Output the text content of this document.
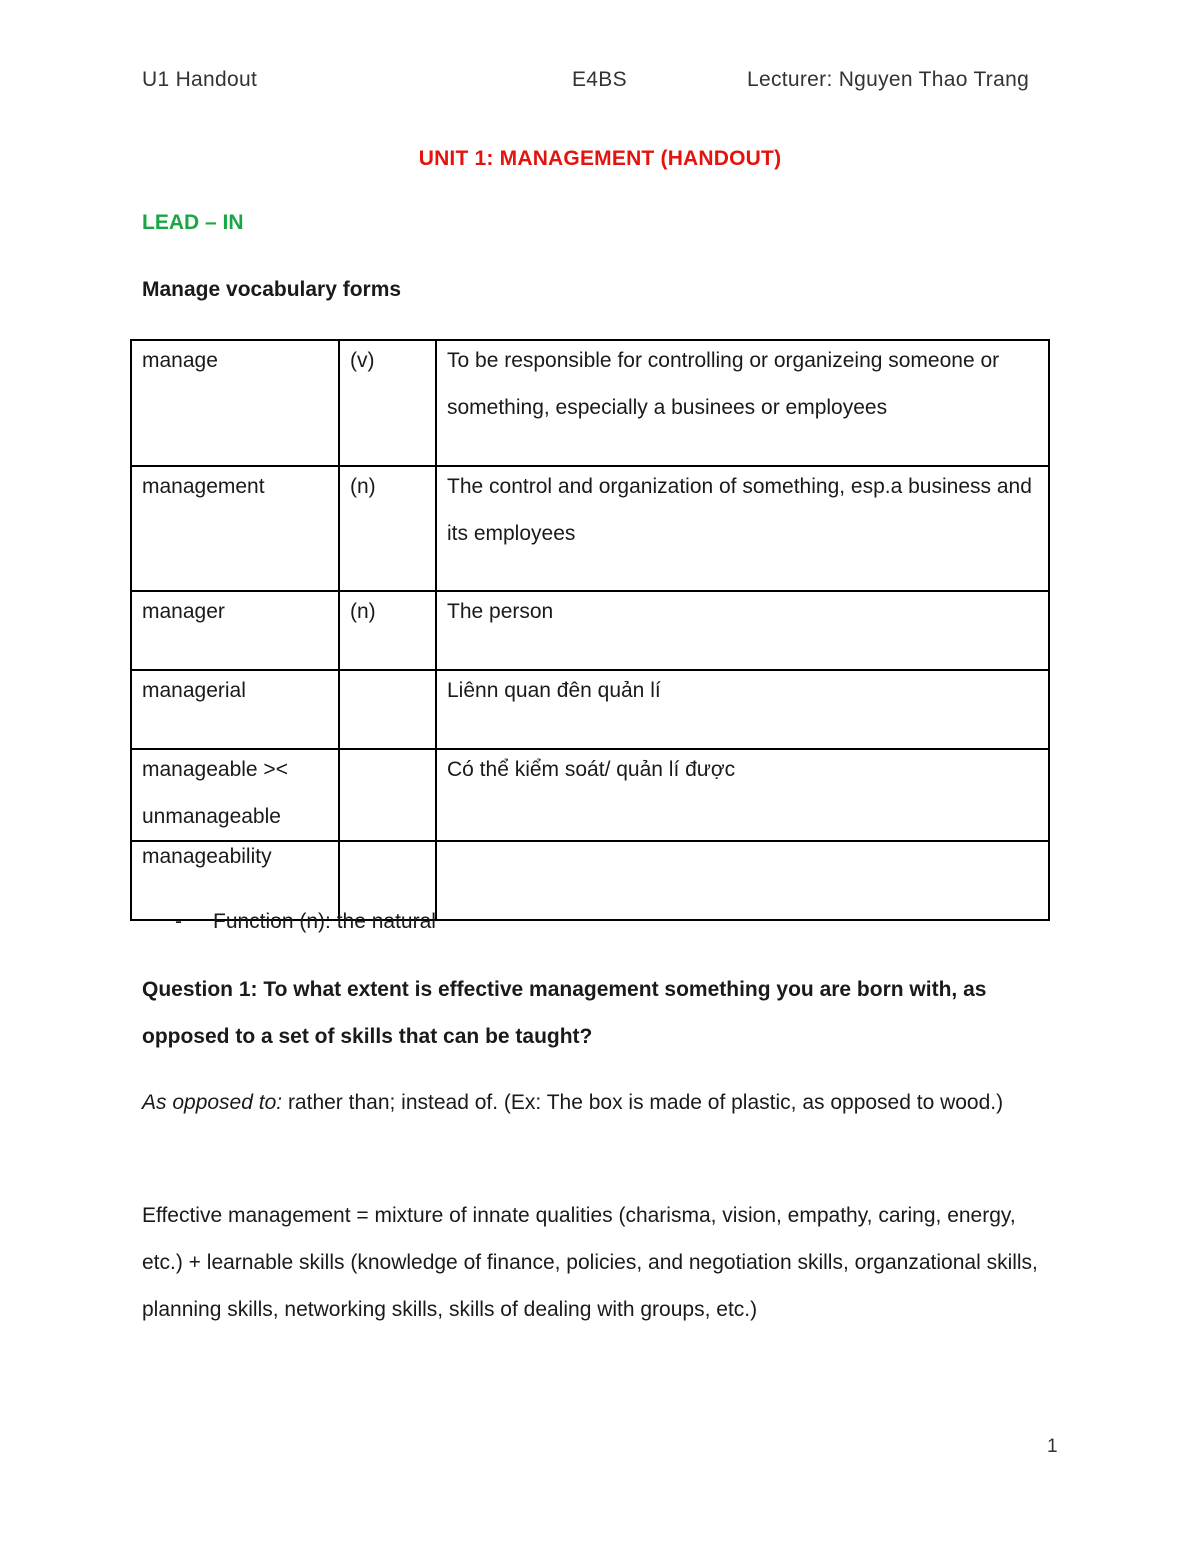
U1 Handout	E4BS	Lecturer: Nguyen Thao Trang
UNIT 1: MANAGEMENT (HANDOUT)
LEAD – IN
Manage vocabulary forms
manage	(v)	To be responsible for controlling or organizeing someone or something, especially a businees or employees

management	(n)	The control and organization of something, esp.a business and its employees

manager	(n)	The person

managerial		Liênn quan đên quản lí

manageable >< unmanageable		Có thể kiểm soát/ quản lí được

manageability		

- Function (n): the natural
Question 1: To what extent is effective management something you are born with, as opposed to a set of skills that can be taught?
As opposed to: rather than; instead of. (Ex: The box is made of plastic, as opposed to wood.)
Effective management = mixture of innate qualities (charisma, vision, empathy, caring, energy, etc.) + learnable skills (knowledge of finance, policies, and negotiation skills, organzational skills, planning skills, networking skills, skills of dealing with groups, etc.)
1
